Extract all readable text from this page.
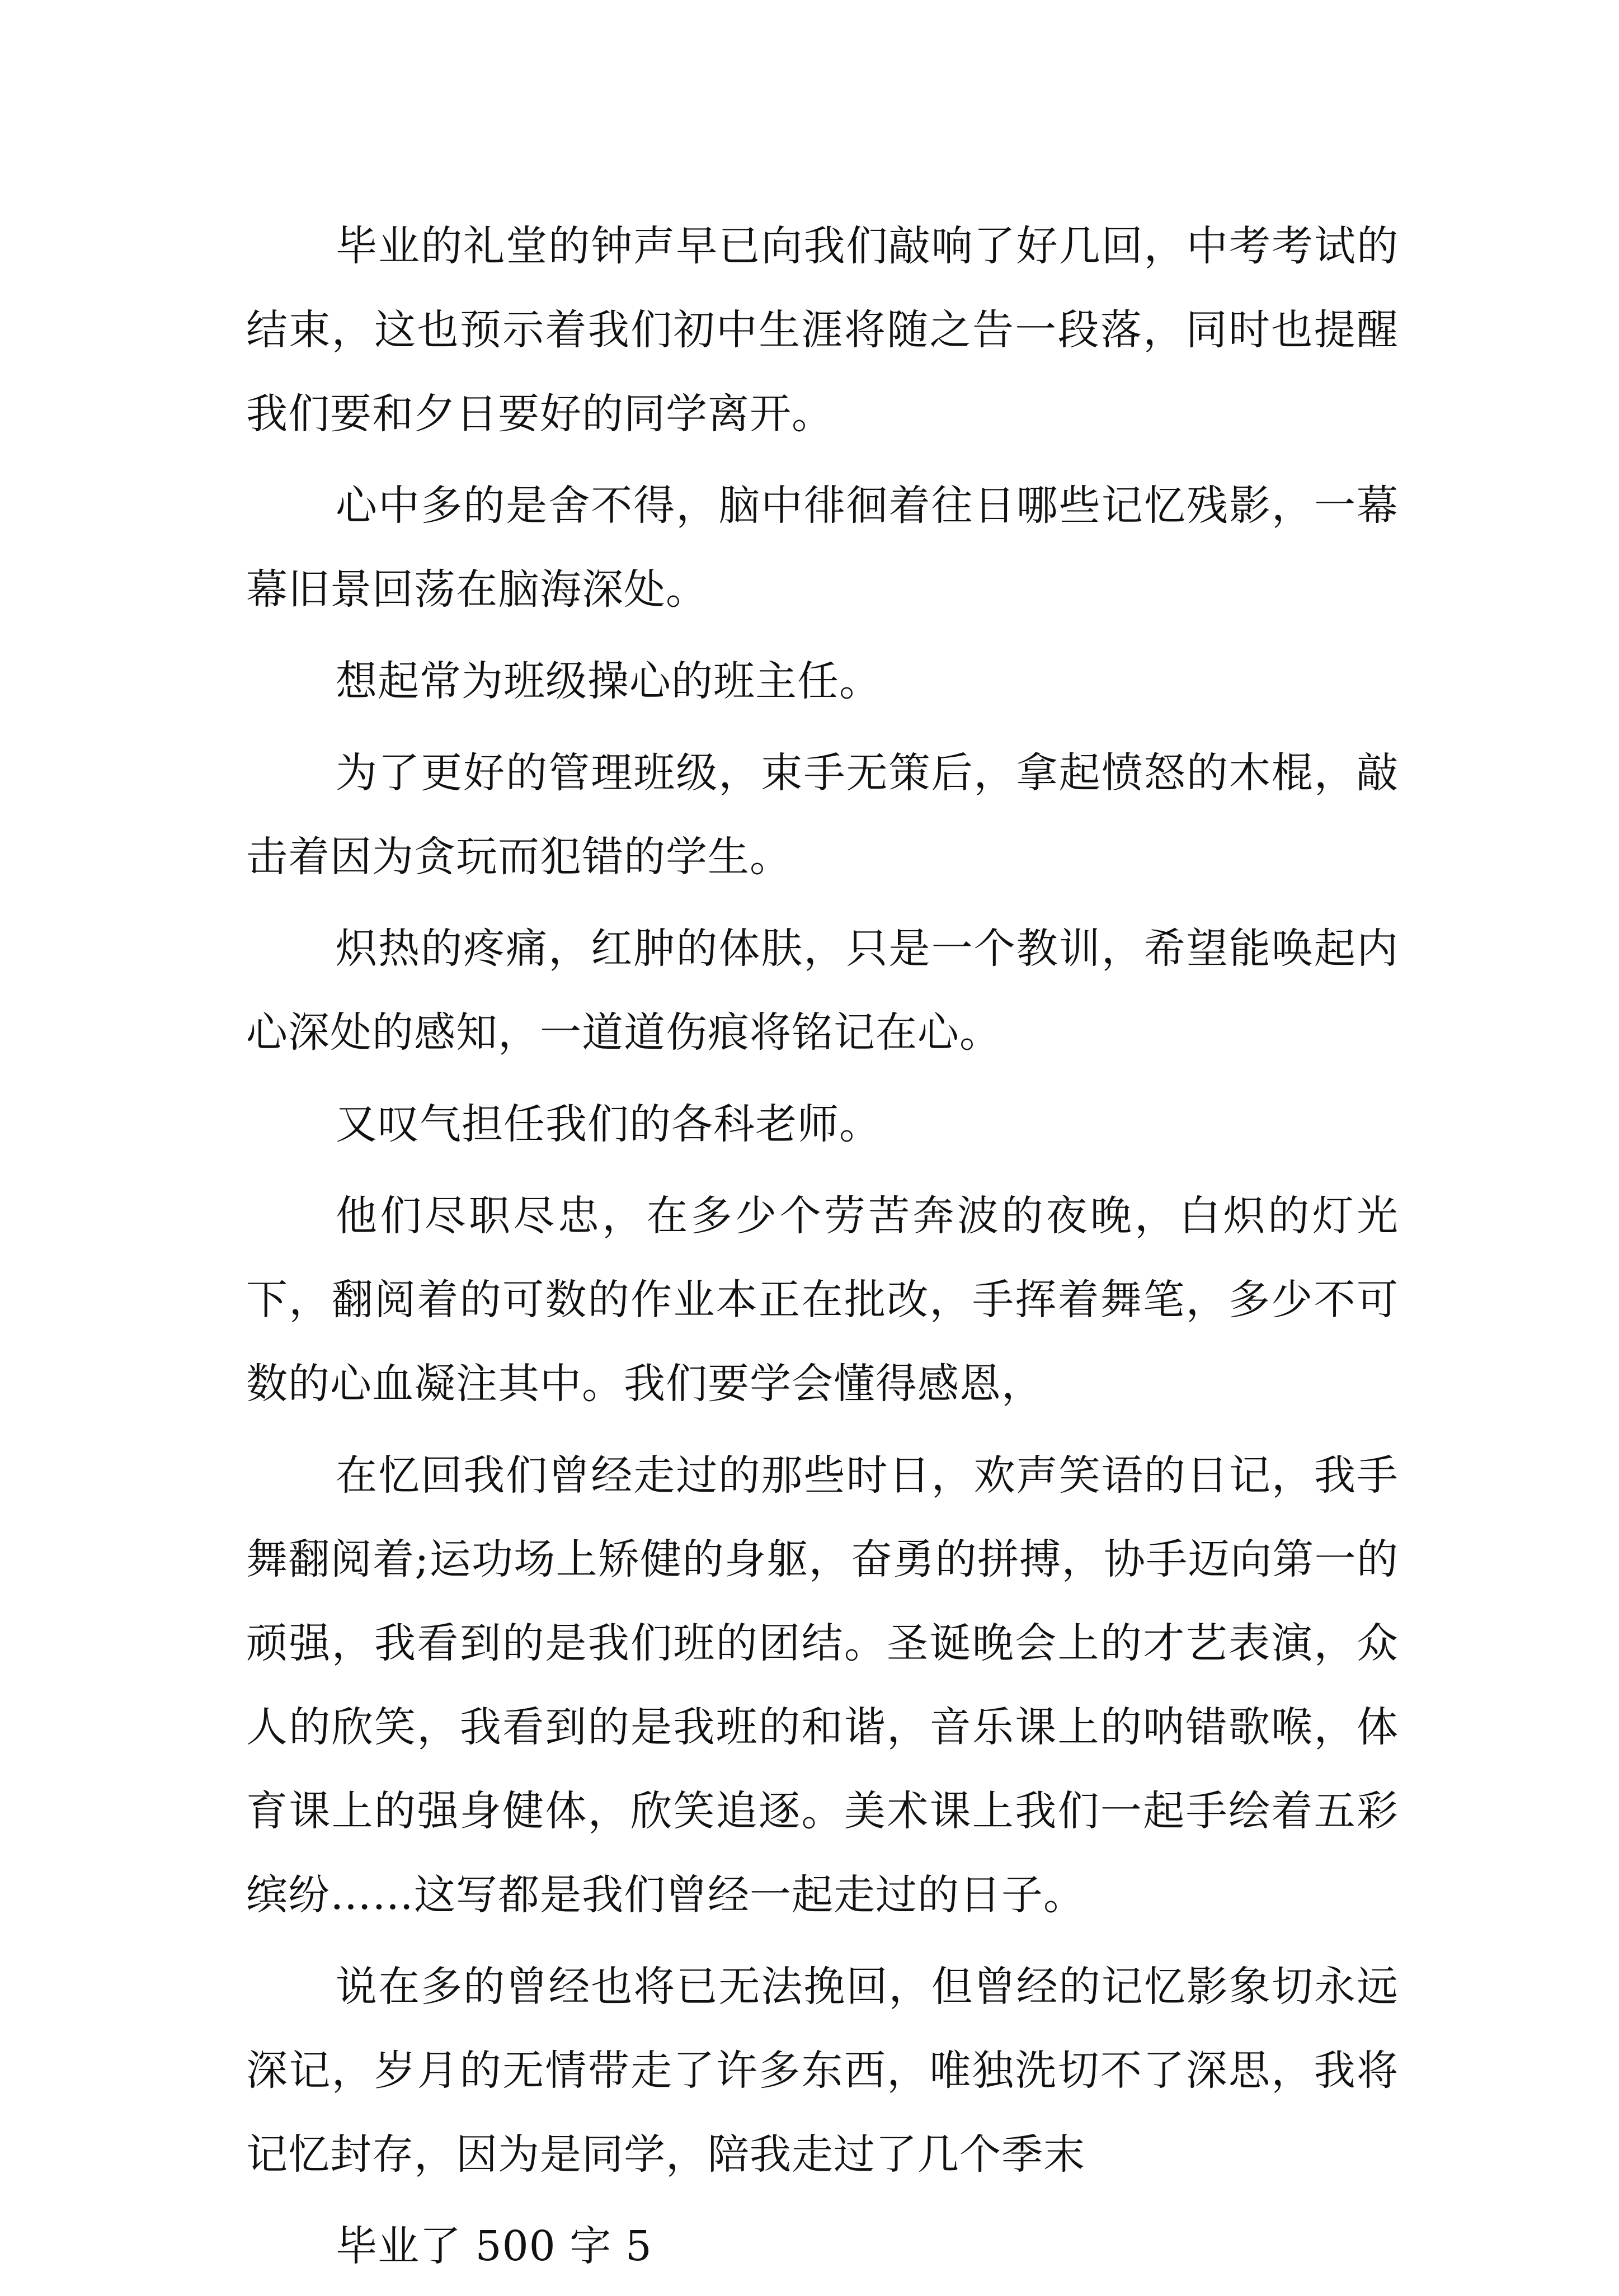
毕业的礼堂的钟声早已向我们敲响了好几回，中考考试的结束，这也预示着我们初中生涯将随之告一段落，同时也提醒我们要和夕日要好的同学离开。

心中多的是舍不得，脑中徘徊着往日哪些记忆残影，一幕幕旧景回荡在脑海深处。

想起常为班级操心的班主任。

为了更好的管理班级，束手无策后，拿起愤怒的木棍，敲击着因为贪玩而犯错的学生。

炽热的疼痛，红肿的体肤，只是一个教训，希望能唤起内心深处的感知，一道道伤痕将铭记在心。

又叹气担任我们的各科老师。

他们尽职尽忠，在多少个劳苦奔波的夜晚，白炽的灯光下，翻阅着的可数的作业本正在批改，手挥着舞笔，多少不可数的心血凝注其中。我们要学会懂得感恩，

在忆回我们曾经走过的那些时日，欢声笑语的日记，我手舞翻阅着;运功场上矫健的身躯，奋勇的拼搏，协手迈向第一的顽强，我看到的是我们班的团结。圣诞晚会上的才艺表演，众人的欣笑，我看到的是我班的和谐，音乐课上的呐错歌喉，体育课上的强身健体，欣笑追逐。美术课上我们一起手绘着五彩缤纷……这写都是我们曾经一起走过的日子。

说在多的曾经也将已无法挽回，但曾经的记忆影象切永远深记，岁月的无情带走了许多东西，唯独洗切不了深思，我将记忆封存，因为是同学，陪我走过了几个季末

毕业了 500 字 5
